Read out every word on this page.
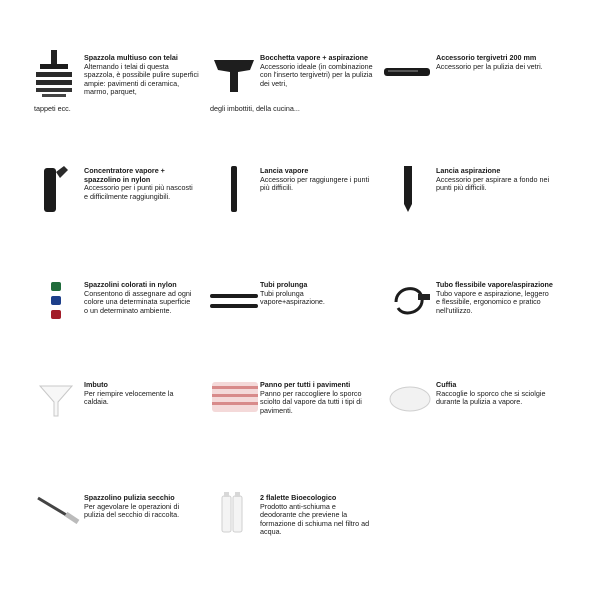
Spazzola multiuso con telai
Alternando i telai di questa spazzola, è possibile pulire superfici ampie: pavimenti di ceramica, marmo, parquet,
tappeti ecc.
Bocchetta vapore + aspirazione
Accessorio ideale (in combinazione con l'inserto tergivetri) per la pulizia dei vetri,
degli imbottiti, della cucina...
Accessorio tergivetri 200 mm
Accessorio per la pulizia dei vetri.
Concentratore vapore + spazzolino in nylon
Accessorio per i punti più nascosti e difficilmente raggiungibili.
Lancia vapore
Accessorio per raggiungere i punti più difficili.
Lancia aspirazione
Accessorio per aspirare a fondo nei punti più difficili.
Spazzolini colorati in nylon
Consentono di assegnare ad ogni colore una determinata superficie o un determinato ambiente.
Tubi prolunga
Tubi prolunga vapore+aspirazione.
Tubo flessibile vapore/aspirazione
Tubo vapore e aspirazione, leggero e flessibile, ergonomico e pratico nell'utilizzo.
Imbuto
Per riempire velocemente la caldaia.
Panno per tutti i pavimenti
Panno per raccogliere lo sporco sciolto dal vapore da tutti i tipi di pavimenti.
Cuffia
Raccoglie lo sporco che si sciolgie durante la pulizia a vapore.
Spazzolino pulizia secchio
Per agevolare le operazioni di pulizia del secchio di raccolta.
2 flalette Bioecologico
Prodotto anti-schiuma e deodorante che previene la formazione di schiuma nel filtro ad acqua.
